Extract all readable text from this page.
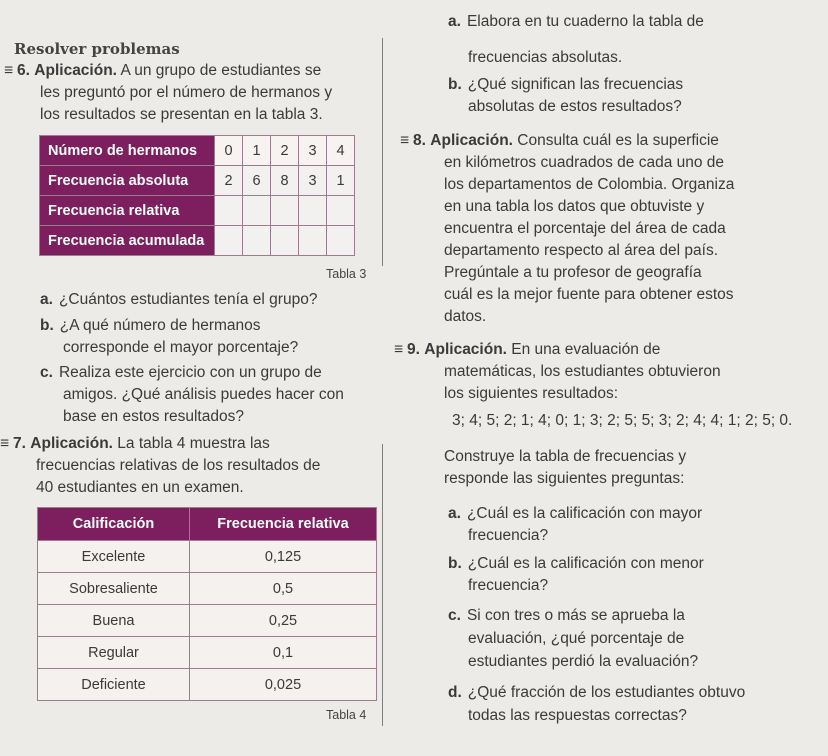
Resolver problemas
≡ 6. Aplicación. A un grupo de estudiantes se
les preguntó por el número de hermanos y
los resultados se presentan en la tabla 3.
Número de hermanos	0	1	2	3	4
Frecuencia absoluta	2	6	8	3	1
Frecuencia relativa					
Frecuencia acumulada					
Tabla 3
a. ¿Cuántos estudiantes tenía el grupo?
b. ¿A qué número de hermanos
corresponde el mayor porcentaje?
c. Realiza este ejercicio con un grupo de
amigos. ¿Qué análisis puedes hacer con
base en estos resultados?
≡ 7. Aplicación. La tabla 4 muestra las
frecuencias relativas de los resultados de
40 estudiantes en un examen.
Calificación	Frecuencia relativa
Excelente	0,125
Sobresaliente	0,5
Buena	0,25
Regular	0,1
Deficiente	0,025
Tabla 4
a. Elabora en tu cuaderno la tabla de
frecuencias absolutas.
b. ¿Qué significan las frecuencias
absolutas de estos resultados?
≡ 8. Aplicación. Consulta cuál es la superficie
en kilómetros cuadrados de cada uno de
los departamentos de Colombia. Organiza
en una tabla los datos que obtuviste y
encuentra el porcentaje del área de cada
departamento respecto al área del país.
Pregúntale a tu profesor de geografía
cuál es la mejor fuente para obtener estos
datos.
≡ 9. Aplicación. En una evaluación de
matemáticas, los estudiantes obtuvieron
los siguientes resultados:
3; 4; 5; 2; 1; 4; 0; 1; 3; 2; 5; 5; 3; 2; 4; 4; 1; 2; 5; 0.
Construye la tabla de frecuencias y
responde las siguientes preguntas:
a. ¿Cuál es la calificación con mayor
frecuencia?
b. ¿Cuál es la calificación con menor
frecuencia?
c. Si con tres o más se aprueba la
evaluación, ¿qué porcentaje de
estudiantes perdió la evaluación?
d. ¿Qué fracción de los estudiantes obtuvo
todas las respuestas correctas?
